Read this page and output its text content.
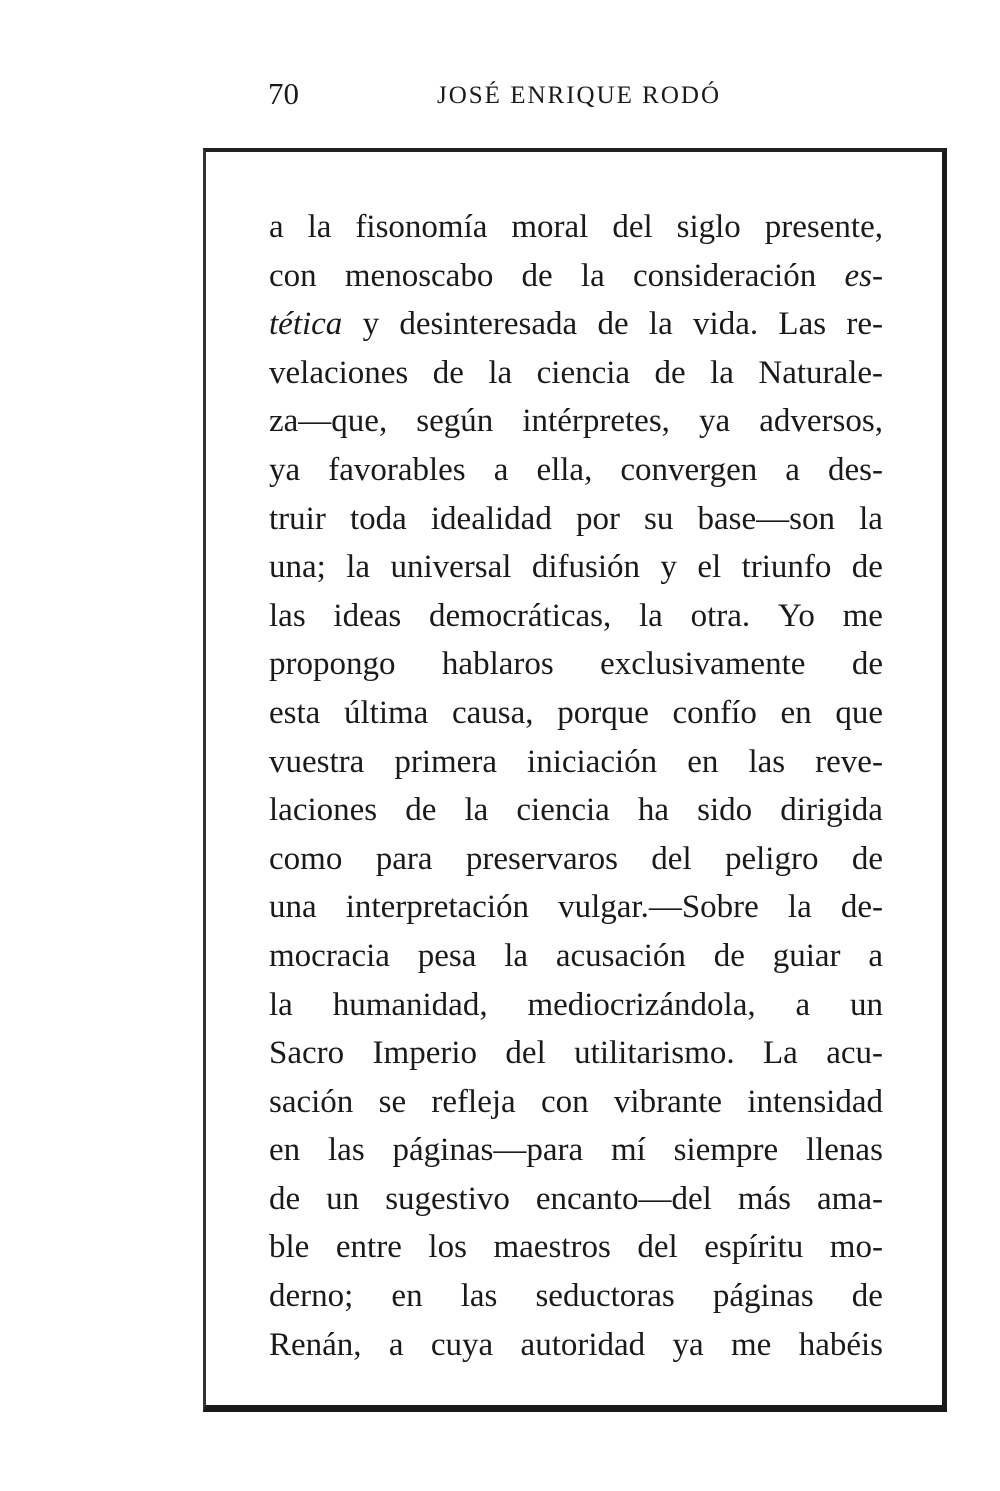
70	JOSÉ ENRIQUE RODÓ
a la fisonomía moral del siglo presente,
con menoscabo de la consideración es-
tética y desinteresada de la vida. Las re-
velaciones de la ciencia de la Naturale-
za—que, según intérpretes, ya adversos,
ya favorables a ella, convergen a des-
truir toda idealidad por su base—son la
una; la universal difusión y el triunfo de
las ideas democráticas, la otra. Yo me
propongo hablaros exclusivamente de
esta última causa, porque confío en que
vuestra primera iniciación en las reve-
laciones de la ciencia ha sido dirigida
como para preservaros del peligro de
una interpretación vulgar.—Sobre la de-
mocracia pesa la acusación de guiar a
la humanidad, mediocrizándola, a un
Sacro Imperio del utilitarismo. La acu-
sación se refleja con vibrante intensidad
en las páginas—para mí siempre llenas
de un sugestivo encanto—del más ama-
ble entre los maestros del espíritu mo-
derno; en las seductoras páginas de
Renán, a cuya autoridad ya me habéis
